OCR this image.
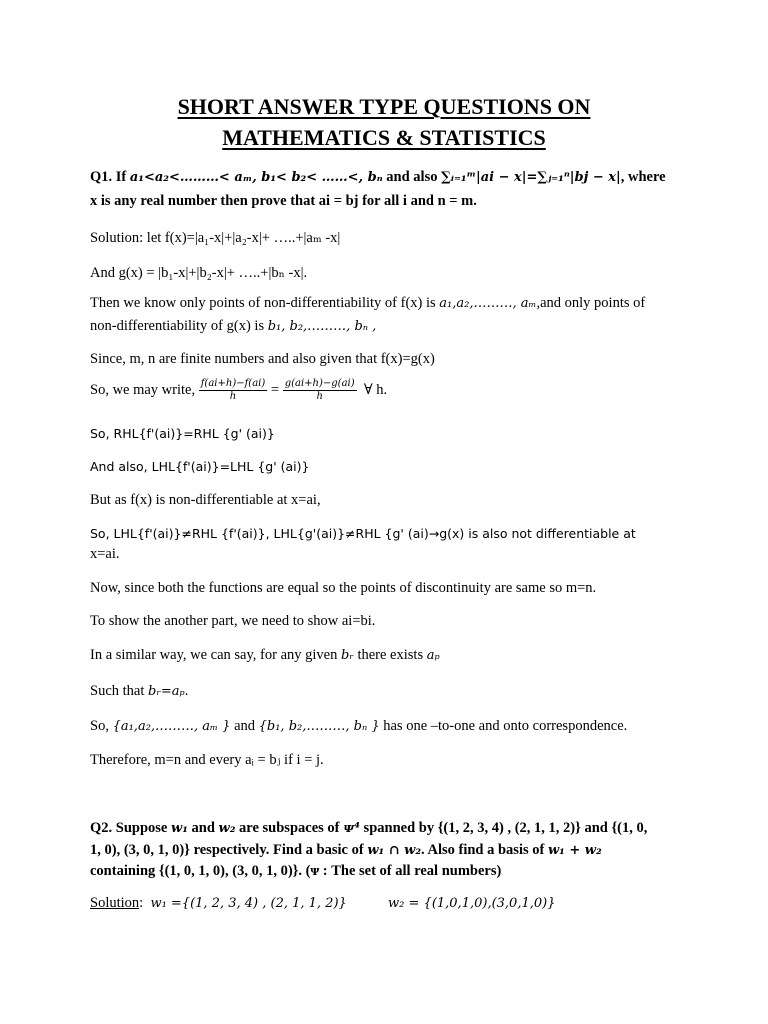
SHORT ANSWER TYPE QUESTIONS ON
MATHEMATICS & STATISTICS
Q1. If a₁<a₂<………< aₘ, b₁< b₂< ……<, bₙ and also ∑ᵢ₌₁ᵐ|ai − x|=∑ⱼ₌₁ⁿ|bj − x|, where
x is any real number then prove that ai = bj for all i and n = m.
Solution: let f(x)=|a₁-x|+|a₂-x|+ …..+|aₘ -x|
And g(x) = |b₁-x|+|b₂-x|+ …..+|bₙ -x|.
Then we know only points of non-differentiability of f(x) is a₁,a₂,………, aₘ,and only points of
non-differentiability of g(x) is b₁, b₂,………, bₙ ,
Since, m, n are finite numbers and also given that f(x)=g(x)
So, we may write, $\frac{f(ai+h)-f(ai)}{h} = \frac{g(ai+h)-g(ai)}{h}$ ∀ h.
So, RHL{f'(ai)}=RHL {g' (ai)}
And also, LHL{f'(ai)}=LHL {g' (ai)}
But as f(x) is non-differentiable at x=ai,
So, LHL{f'(ai)}≠RHL {f'(ai)}, LHL{g'(ai)}≠RHL {g' (ai)→g(x) is also not differentiable at
x=ai.
Now, since both the functions are equal so the points of discontinuity are same so m=n.
To show the another part, we need to show ai=bi.
In a similar way, we can say, for any given bᵣ there exists aₚ
Such that bᵣ=aₚ.
So, {a₁,a₂,………, aₘ } and {b₁, b₂,………, bₙ } has one –to-one and onto correspondence.
Therefore, m=n and every aᵢ = bⱼ if i = j.
Q2. Suppose w₁ and w₂ are subspaces of ᴪ⁴ spanned by {(1, 2, 3, 4) , (2, 1, 1, 2)} and {(1, 0,
1, 0), (3, 0, 1, 0)} respectively. Find a basic of w₁ ∩ w₂. Also find a basis of w₁ + w₂
containing {(1, 0, 1, 0), (3, 0, 1, 0)}. (ᴪ : The set of all real numbers)
Solution: w₁ ={(1, 2, 3, 4) , (2, 1, 1, 2)}	w₂ = {(1,0,1,0),(3,0,1,0)}
